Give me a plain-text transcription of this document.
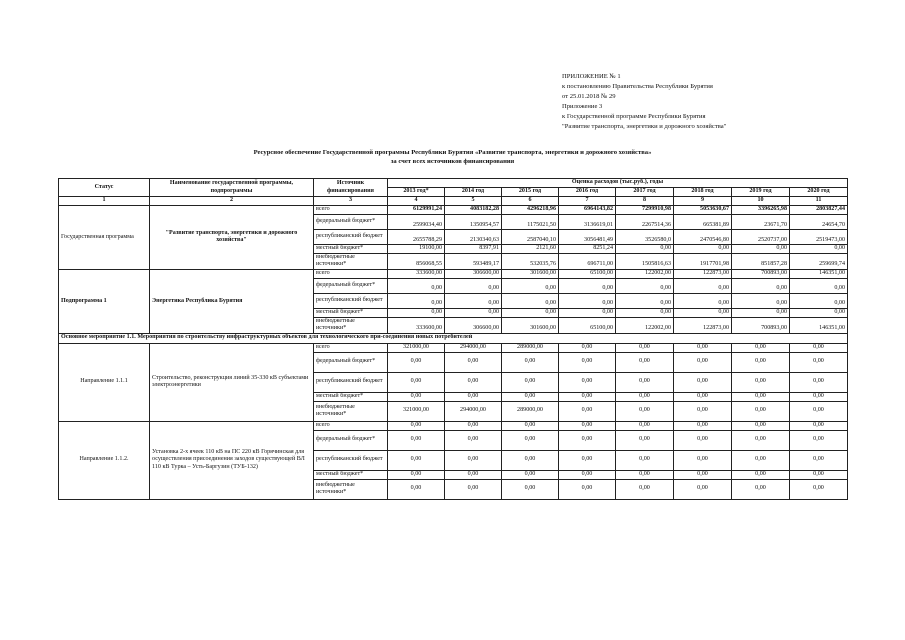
ПРИЛОЖЕНИЕ № 1
к постановлению Правительства Республики Бурятия
от 25.01.2018 № 29
Приложение 3
к Государственной программе Республики Бурятия
"Развитие транспорта, энергетики и дорожного хозяйства"
Ресурсное обеспечение Государственной программы Республики Бурятия «Развитие транспорта, энергетики и дорожного хозяйства»
за счет всех источников финансирования
Статус	Наименование государственной программы, подпрограммы	Источник финансирования	Оценка расходов (тыс.руб.), годы							
			2013 год*	2014 год	2015 год	2016 год	2017 год	2018 год	2019 год	2020 год
1	2	3	4	5	6	7	8	9	10	11
Государственная программа	"Развитие транспорта, энергетики и дорожного хозяйства"	всего	6129991,24	4083182,28	4296218,96	6964143,82	7299910,98	5053630,67	3396265,98	2803827,44
		федеральный бюджет*	2599034,40	1350954,57	1175021,50	3136619,01	2267514,36	665381,89	23671,70	24654,70
		республиканский бюджет	2655788,29	2130340,63	2587040,10	3056481,49	3526580,0	2470546,80	2520737,00	2519473,00
		местный бюджет*	19100,00	8397,91	2121,60	8251,24	0,00	0,00	0,00	0,00
		внебюджетные источники*	856068,55	593489,17	532035,76	696711,00	1505816,63	1917701,98	851857,28	259699,74
Подпрограмма 1	Энергетика Республика Бурятия	всего	333600,00	306600,00	301600,00	65100,00	122002,00	122873,00	700893,00	146351,00
		федеральный бюджет*	0,00	0,00	0,00	0,00	0,00	0,00	0,00	0,00
		республиканский бюджет	0,00	0,00	0,00	0,00	0,00	0,00	0,00	0,00
		местный бюджет*	0,00	0,00	0,00	0,00	0,00	0,00	0,00	0,00
		внебюджетные источники*	333600,00	306600,00	301600,00	65100,00	122002,00	122873,00	700893,00	146351,00
Основное мероприятие 1.1. Мероприятия по строительству инфраструктурных объектов для технологического при-соединения новых потребителей										
Направление 1.1.1	Строительство, реконструкция линий 35-330 кВ субъектами электроэнергетики	всего	321000,00	294000,00	289000,00	0,00	0,00	0,00	0,00	0,00
		федеральный бюджет*	0,00	0,00	0,00	0,00	0,00	0,00	0,00	0,00
		республиканский бюджет	0,00	0,00	0,00	0,00	0,00	0,00	0,00	0,00
		местный бюджет*	0,00	0,00	0,00	0,00	0,00	0,00	0,00	0,00
		внебюджетные источники*	321000,00	294000,00	289000,00	0,00	0,00	0,00	0,00	0,00
Направление 1.1.2.	Установка 2-х ячеек 110 кВ на ПС 220 кВ Горячинская для осуществления присоединения заходов существующей ВЛ 110 кВ Турка – Усть-Баргузин (ТУБ-132)	всего	0,00	0,00	0,00	0,00	0,00	0,00	0,00	0,00
		федеральный бюджет*	0,00	0,00	0,00	0,00	0,00	0,00	0,00	0,00
		республиканский бюджет	0,00	0,00	0,00	0,00	0,00	0,00	0,00	0,00
		местный бюджет*	0,00	0,00	0,00	0,00	0,00	0,00	0,00	0,00
		внебюджетные источники*	0,00	0,00	0,00	0,00	0,00	0,00	0,00	0,00
